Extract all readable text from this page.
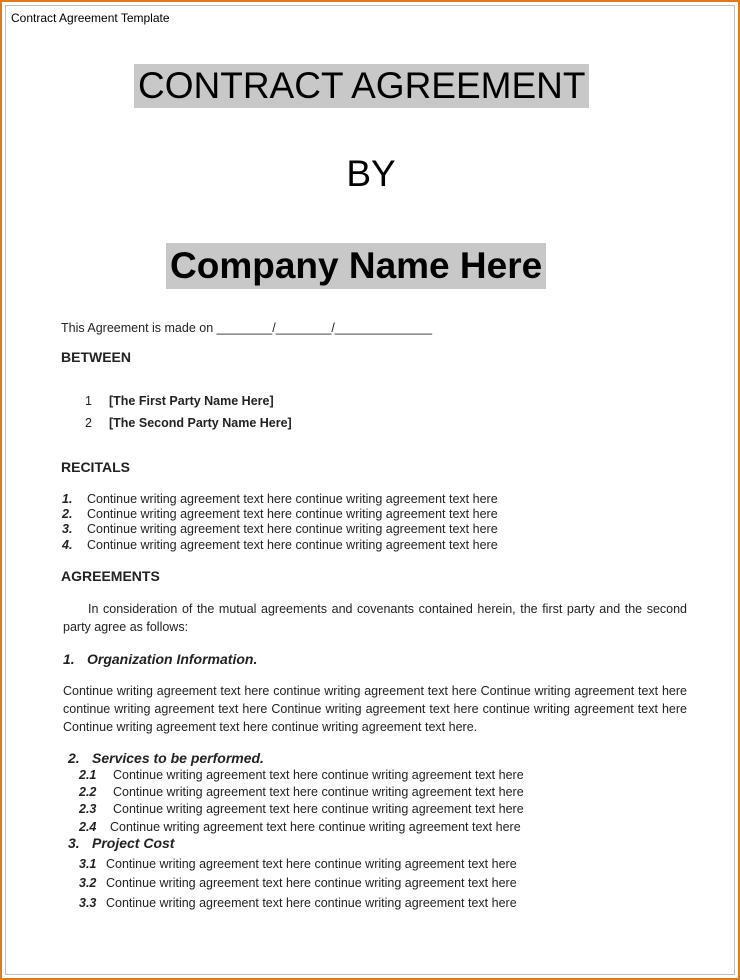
Contract Agreement Template
CONTRACT AGREEMENT
BY
Company Name Here
This Agreement is made on ________/________/______________
BETWEEN
1 [The First Party Name Here]
2 [The Second Party Name Here]
RECITALS
1. Continue writing agreement text here continue writing agreement text here
2. Continue writing agreement text here continue writing agreement text here
3. Continue writing agreement text here continue writing agreement text here
4. Continue writing agreement text here continue writing agreement text here
AGREEMENTS
In consideration of the mutual agreements and covenants contained herein, the first party and the second party agree as follows:
1. Organization Information.
Continue writing agreement text here continue writing agreement text here Continue writing agreement text here continue writing agreement text here Continue writing agreement text here continue writing agreement text here Continue writing agreement text here continue writing agreement text here.
2. Services to be performed.
2.1 Continue writing agreement text here continue writing agreement text here
2.2 Continue writing agreement text here continue writing agreement text here
2.3 Continue writing agreement text here continue writing agreement text here
2.4 Continue writing agreement text here continue writing agreement text here
3. Project Cost
3.1 Continue writing agreement text here continue writing agreement text here
3.2 Continue writing agreement text here continue writing agreement text here
3.3 Continue writing agreement text here continue writing agreement text here
